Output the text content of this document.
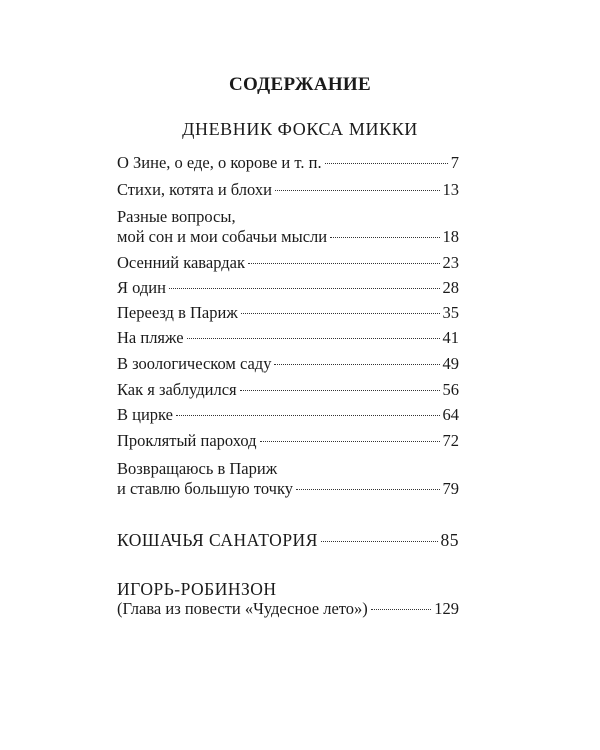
СОДЕРЖАНИЕ
ДНЕВНИК ФОКСА МИККИ
О Зине, о еде, о корове и т. п.	7
Стихи, котята и блохи	13
Разные вопросы,
мой сон и мои собачьи мысли	18
Осенний кавардак	23
Я один	28
Переезд в Париж	35
На пляже	41
В зоологическом саду	49
Как я заблудился	56
В цирке	64
Проклятый пароход	72
Возвращаюсь в Париж
и ставлю большую точку	79
КОШАЧЬЯ САНАТОРИЯ	85
ИГОРЬ-РОБИНЗОН
(Глава из повести «Чудесное лето»)	129
